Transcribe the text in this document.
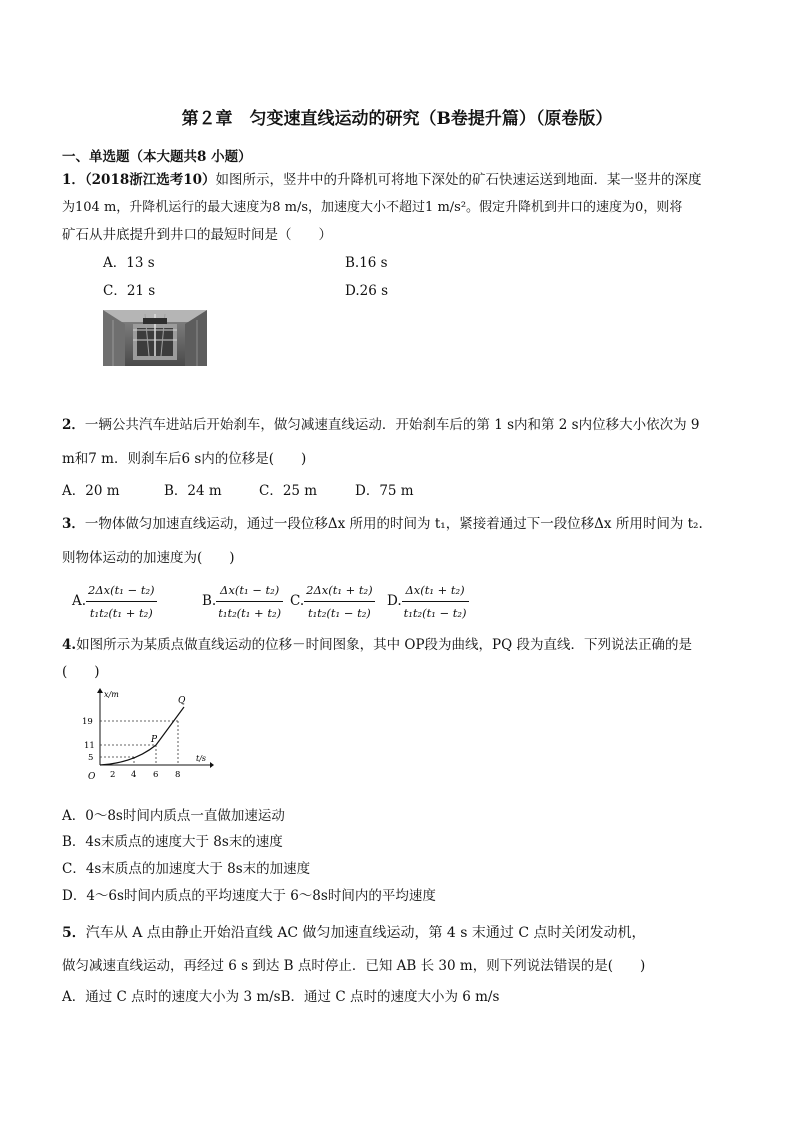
第２章　匀变速直线运动的研究（B卷提升篇）（原卷版）
一、单选题（本大题共8 小题）
1．（2018浙江选考10）如图所示，竖井中的升降机可将地下深处的矿石快速运送到地面．某一竖井的深度
为104 m，升降机运行的最大速度为8 m/s，加速度大小不超过1 m/s²。假定升降机到井口的速度为0，则将
矿石从井底提升到井口的最短时间是（　　）
A．13 s	B.16 s
C．21 s	D.26 s
2．一辆公共汽车进站后开始刹车，做匀减速直线运动．开始刹车后的第 1 s内和第 2 s内位移大小依次为 9
m和7 m．则刹车后6 s内的位移是(　　)
A．20 m	B．24 m	C．25 m	D．75 m
3．一物体做匀加速直线运动，通过一段位移Δx 所用的时间为 t₁，紧接着通过下一段位移Δx 所用时间为 t₂.
则物体运动的加速度为(　　)
A. $\frac{\text{2Δx(t₁ − t₂)}}{\text{t₁t₂(t₁ + t₂)}}$	B. $\frac{\text{Δx(t₁ − t₂)}}{\text{t₁t₂(t₁ + t₂)}} C$. $\frac{\text{2Δx(t₁ + t₂)}}{\text{t₁t₂(t₁ − t₂)}} D$. $\frac{\text{Δx(t₁ + t₂)}}{\text{t₁t₂(t₁ − t₂)}}$
4.如图所示为某质点做直线运动的位移－时间图象，其中 OP段为曲线，PQ 段为直线．下列说法正确的是
(　　)
x/m
t/s
O
19
11
5
2 4 6 8
P
Q
A．0～8s时间内质点一直做加速运动
B．4s末质点的速度大于 8s末的速度
C．4s末质点的加速度大于 8s末的加速度
D．4～6s时间内质点的平均速度大于 6～8s时间内的平均速度
5．汽车从 A 点由静止开始沿直线 AC 做匀加速直线运动，第 4 s 末通过 C 点时关闭发动机，
做匀减速直线运动，再经过 6 s 到达 B 点时停止．已知 AB 长 30 m，则下列说法错误的是(　　)
A．通过 C 点时的速度大小为 3 m/sB．通过 C 点时的速度大小为 6 m/s
